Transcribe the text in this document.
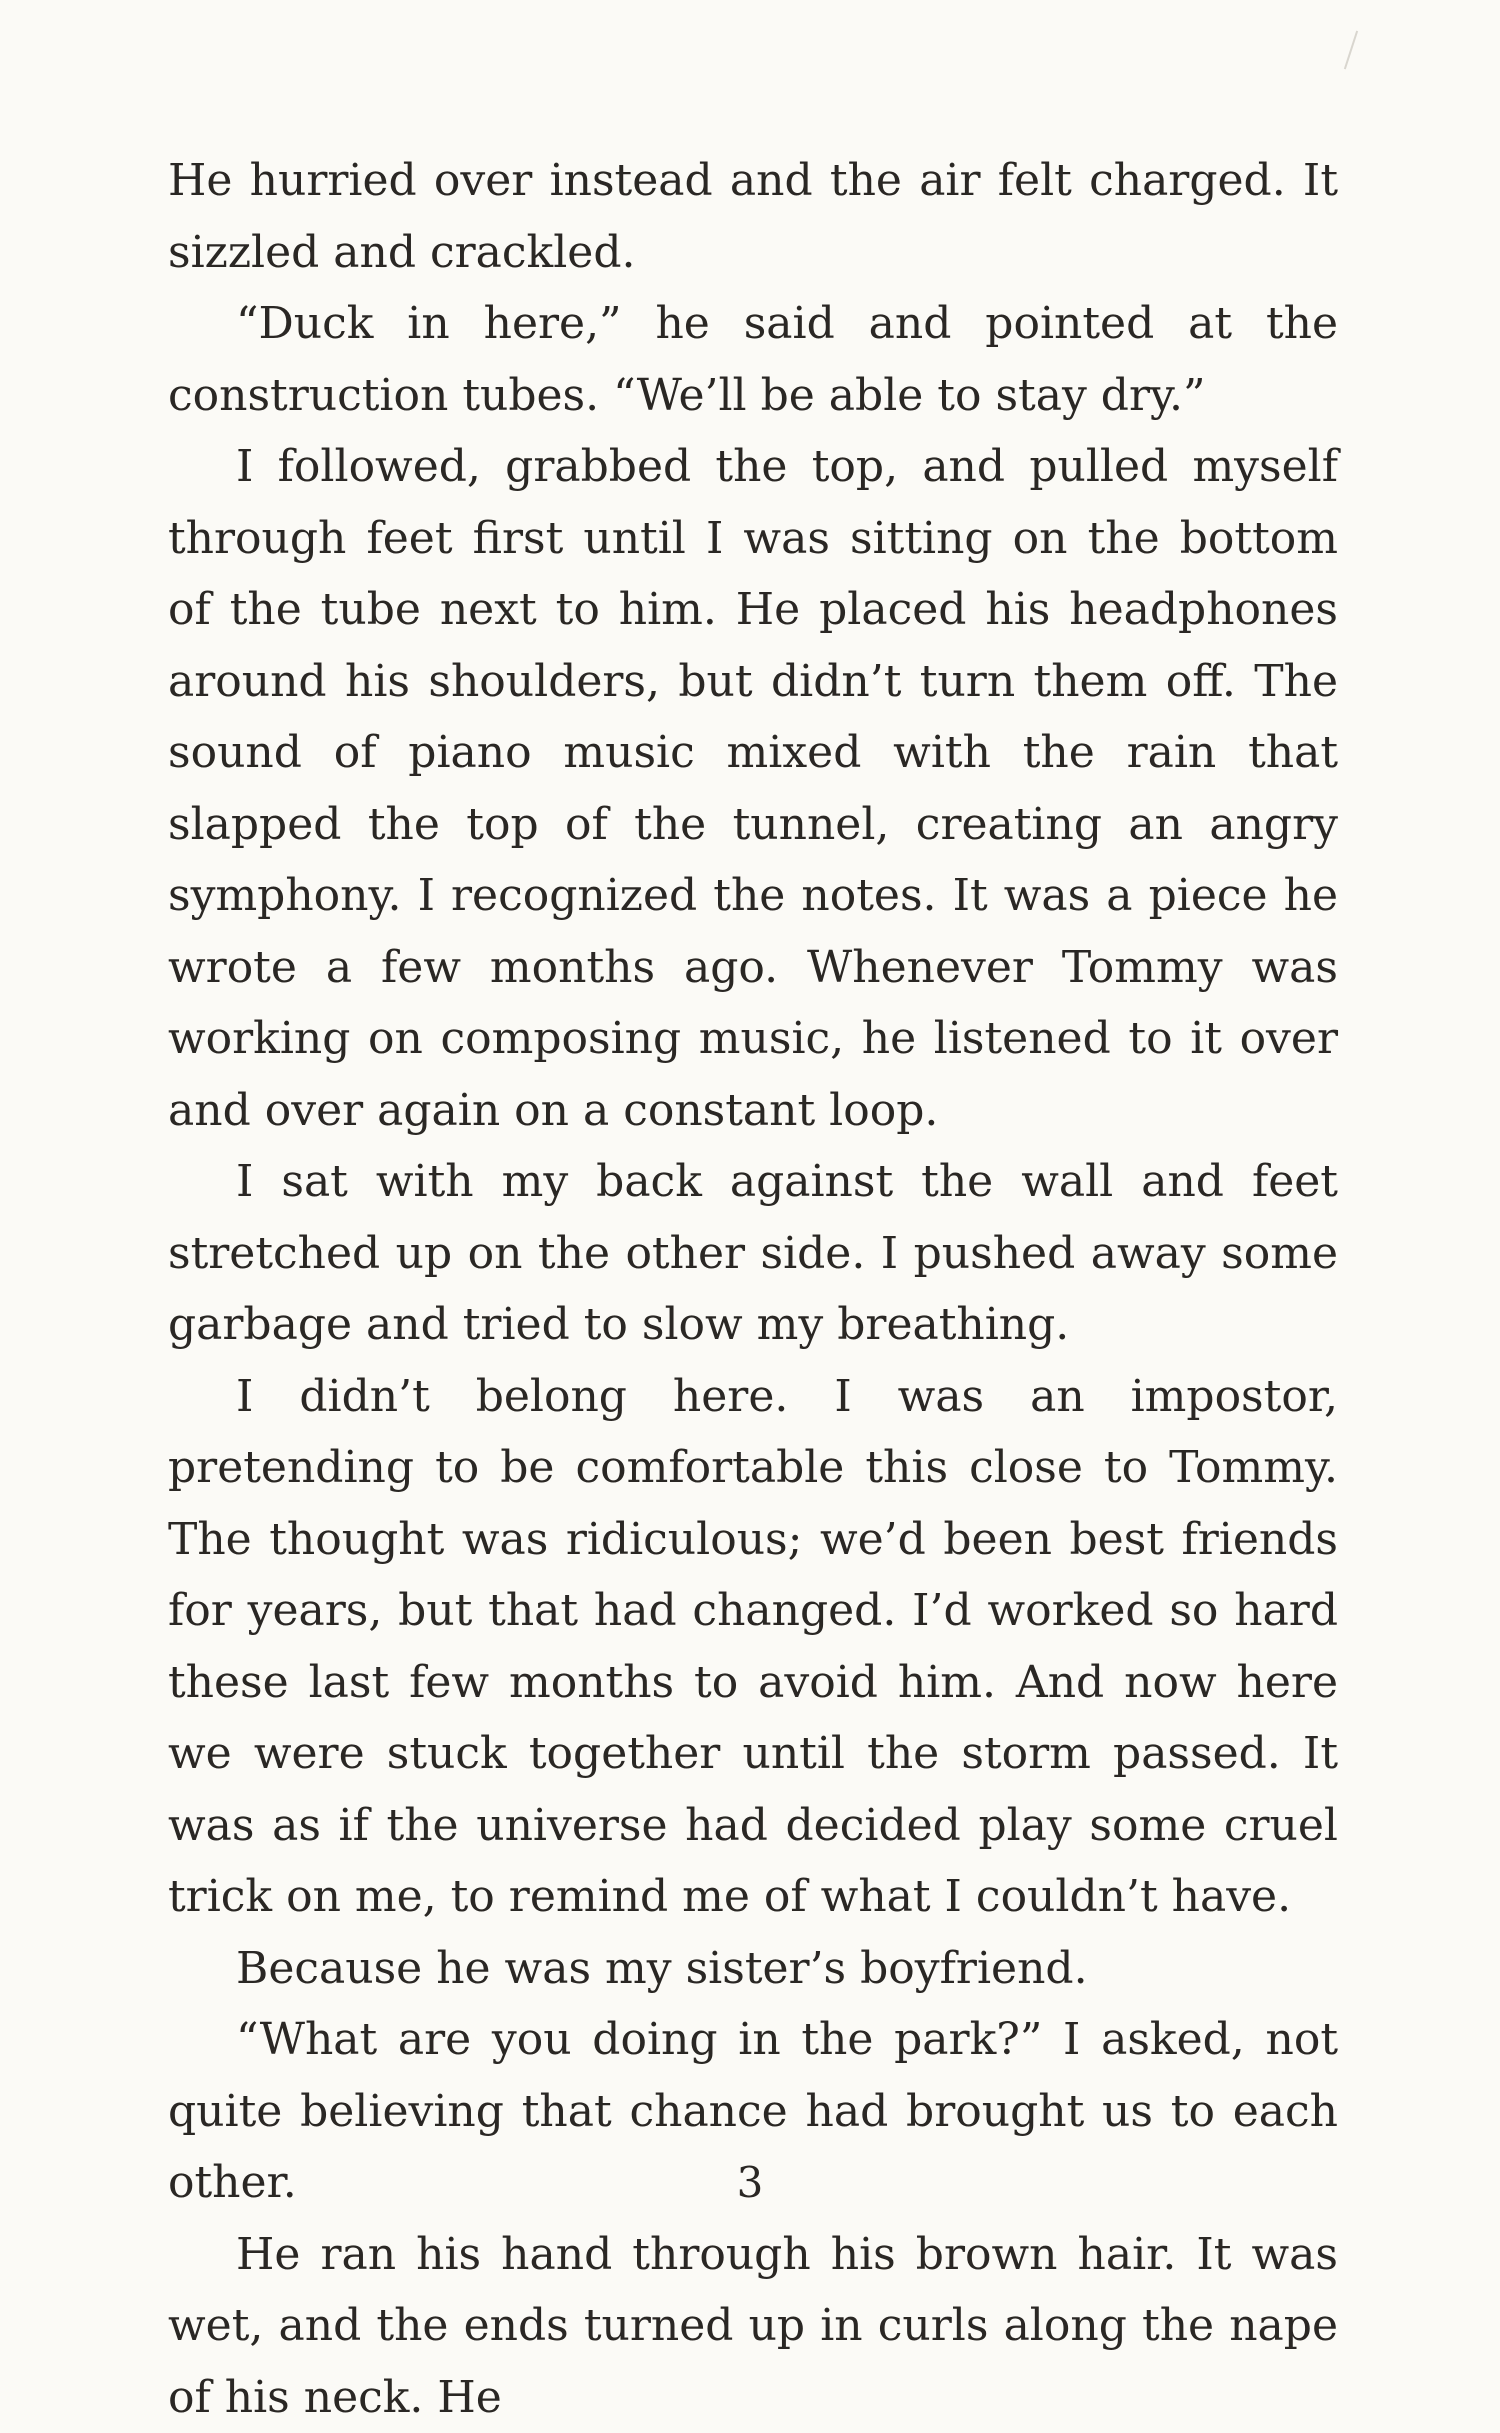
He hurried over instead and the air felt charged. It sizzled and crackled.

“Duck in here,” he said and pointed at the construction tubes. “We’ll be able to stay dry.”

I followed, grabbed the top, and pulled myself through feet first until I was sitting on the bottom of the tube next to him. He placed his headphones around his shoulders, but didn’t turn them off. The sound of piano music mixed with the rain that slapped the top of the tunnel, creating an angry symphony. I recognized the notes. It was a piece he wrote a few months ago. Whenever Tommy was working on composing music, he listened to it over and over again on a constant loop.

I sat with my back against the wall and feet stretched up on the other side. I pushed away some garbage and tried to slow my breathing.

I didn’t belong here. I was an impostor, pretending to be comfortable this close to Tommy. The thought was ridiculous; we’d been best friends for years, but that had changed. I’d worked so hard these last few months to avoid him. And now here we were stuck together until the storm passed. It was as if the universe had decided play some cruel trick on me, to remind me of what I couldn’t have.

Because he was my sister’s boyfriend.

“What are you doing in the park?” I asked, not quite believing that chance had brought us to each other.

He ran his hand through his brown hair. It was wet, and the ends turned up in curls along the nape of his neck. He

3
